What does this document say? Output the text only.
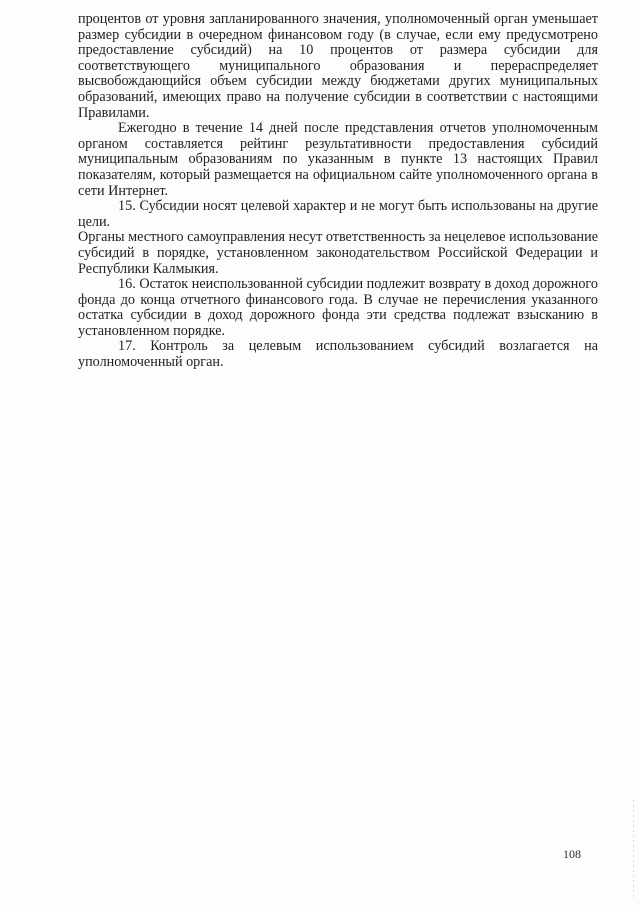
процентов от уровня запланированного значения, уполномоченный орган уменьшает размер субсидии в очередном финансовом году (в случае, если ему предусмотрено предоставление субсидий) на 10 процентов от размера субсидии для соответствующего муниципального образования и перераспределяет высвобождающийся объем субсидии между бюджетами других муниципальных образований, имеющих право на получение субсидии в соответствии с настоящими Правилами.

Ежегодно в течение 14 дней после представления отчетов уполномоченным органом составляется рейтинг результативности предоставления субсидий муниципальным образованиям по указанным в пункте 13 настоящих Правил показателям, который размещается на официальном сайте уполномоченного органа в сети Интернет.

15. Субсидии носят целевой характер и не могут быть использованы на другие цели.

Органы местного самоуправления несут ответственность за нецелевое использование субсидий в порядке, установленном законодательством Российской Федерации и Республики Калмыкия.

16. Остаток неиспользованной субсидии подлежит возврату в доход дорожного фонда до конца отчетного финансового года. В случае не перечисления указанного остатка субсидии в доход дорожного фонда эти средства подлежат взысканию в установленном порядке.

17. Контроль за целевым использованием субсидий возлагается на уполномоченный орган.

108
